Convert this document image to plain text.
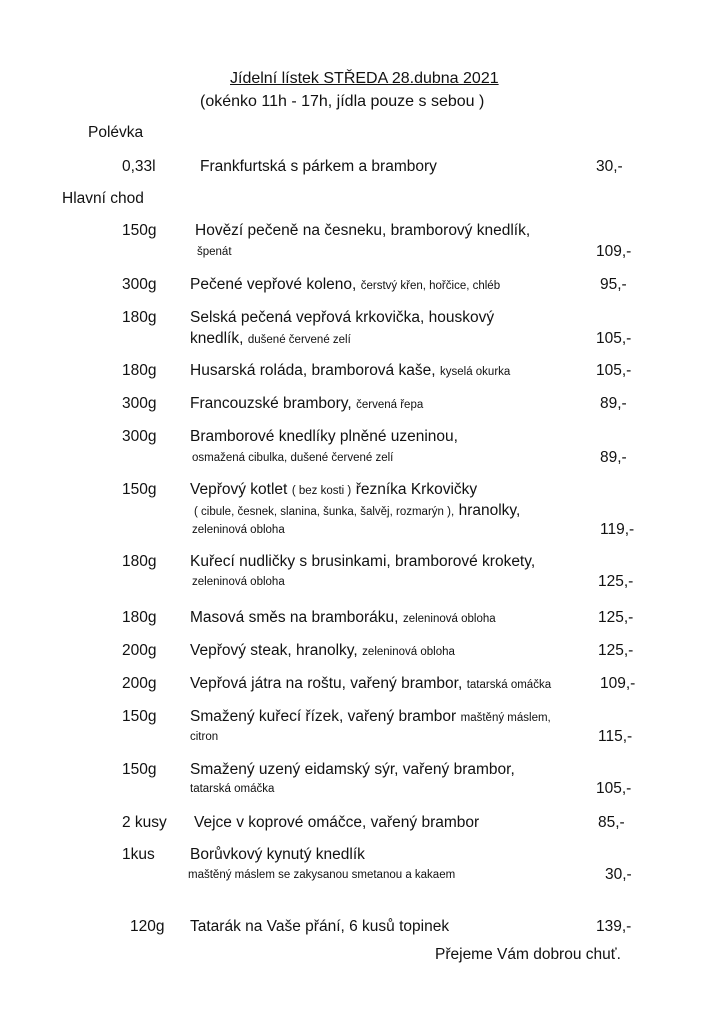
Jídelní lístek STŘEDA 28.dubna 2021
(okénko 11h - 17h, jídla pouze s sebou )
Polévka
Hlavní chod
0,33l	Frankfurtská s párkem a brambory	30,-
150g Hovězí pečeně na česneku, bramborový knedlík,
špenát	109,-
300g Pečené vepřové koleno, čerstvý křen, hořčice, chléb	95,-
180g Selská pečená vepřová krkovička, houskový
knedlík, dušené červené zelí	105,-
180g Husarská roláda, bramborová kaše, kyselá okurka	105,-
300g Francouzské brambory, červená řepa	89,-
300g Bramborové knedlíky plněné uzeninou,
osmažená cibulka, dušené červené zelí	89,-
150g Vepřový kotlet ( bez kosti ) řezníka Krkovičky
( cibule, česnek, slanina, šunka, šalvěj, rozmarýn ), hranolky,
zeleninová obloha	119,-
180g Kuřecí nudličky s brusinkami, bramborové krokety,
zeleninová obloha	125,-
180g Masová směs na bramboráku, zeleninová obloha	125,-
200g Vepřový steak, hranolky, zeleninová obloha	125,-
200g Vepřová játra na roštu, vařený brambor, tatarská omáčka	109,-
150g Smažený kuřecí řízek, vařený brambor maštěný máslem,
citron	115,-
150g Smažený uzený eidamský sýr, vařený brambor,
tatarská omáčka	105,-
2 kusy Vejce v koprové omáčce, vařený brambor	85,-
1kus Borůvkový kynutý knedlík
maštěný máslem se zakysanou smetanou a kakaem	30,-
120g Tatarák na Vaše přání, 6 kusů topinek	139,-
Přejeme Vám dobrou chuť.
